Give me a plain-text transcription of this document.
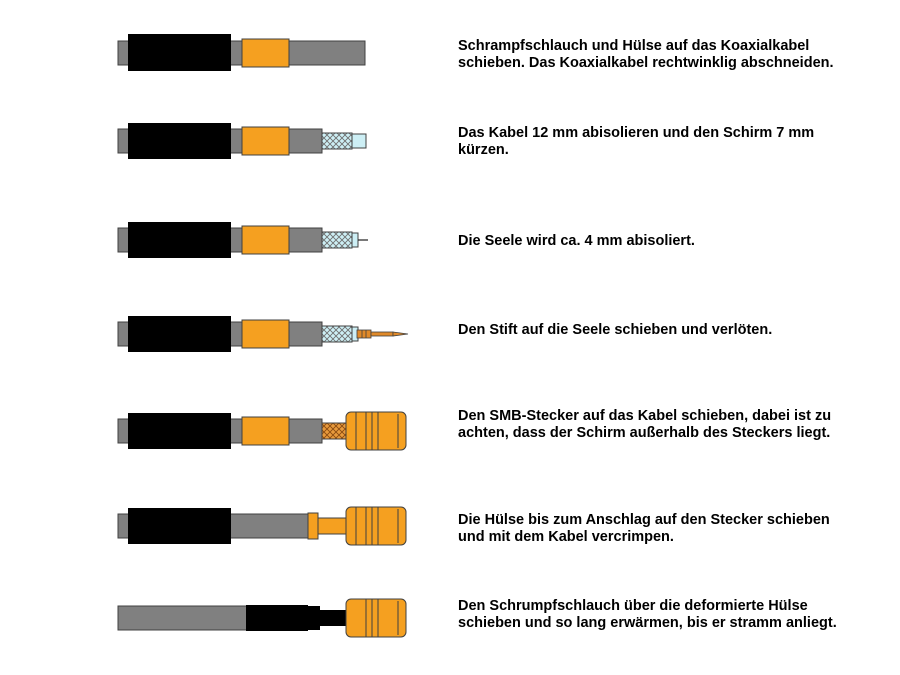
Schrampfschlauch und Hülse auf das Koaxialkabel
schieben. Das Koaxialkabel rechtwinklig abschneiden.

Das Kabel 12 mm abisolieren und den Schirm 7 mm
kürzen.

Die Seele wird ca. 4 mm abisoliert.

Den Stift auf die Seele schieben und verlöten.

Den SMB-Stecker auf das Kabel schieben, dabei ist zu
achten, dass der Schirm außerhalb des Steckers liegt.

Die Hülse bis zum Anschlag auf den Stecker schieben
und mit dem Kabel vercrimpen.

Den Schrumpfschlauch über die deformierte Hülse
schieben und so lang erwärmen, bis er stramm anliegt.
